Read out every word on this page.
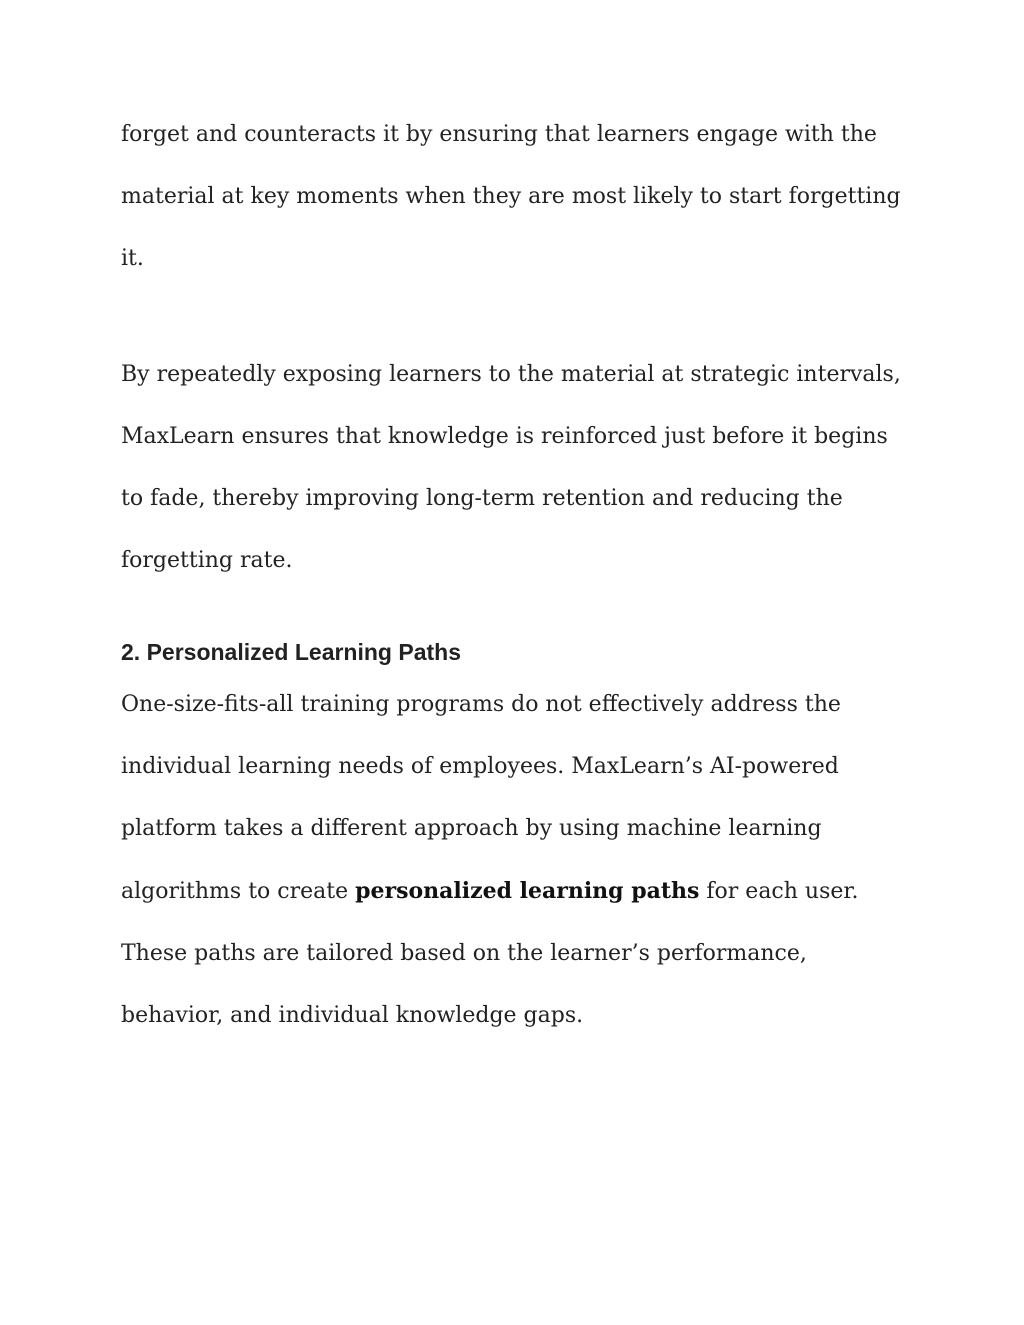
forget and counteracts it by ensuring that learners engage with the material at key moments when they are most likely to start forgetting it.

By repeatedly exposing learners to the material at strategic intervals, MaxLearn ensures that knowledge is reinforced just before it begins to fade, thereby improving long-term retention and reducing the forgetting rate.

2. Personalized Learning Paths

One-size-fits-all training programs do not effectively address the individual learning needs of employees. MaxLearn’s AI-powered platform takes a different approach by using machine learning algorithms to create personalized learning paths for each user. These paths are tailored based on the learner’s performance, behavior, and individual knowledge gaps.
